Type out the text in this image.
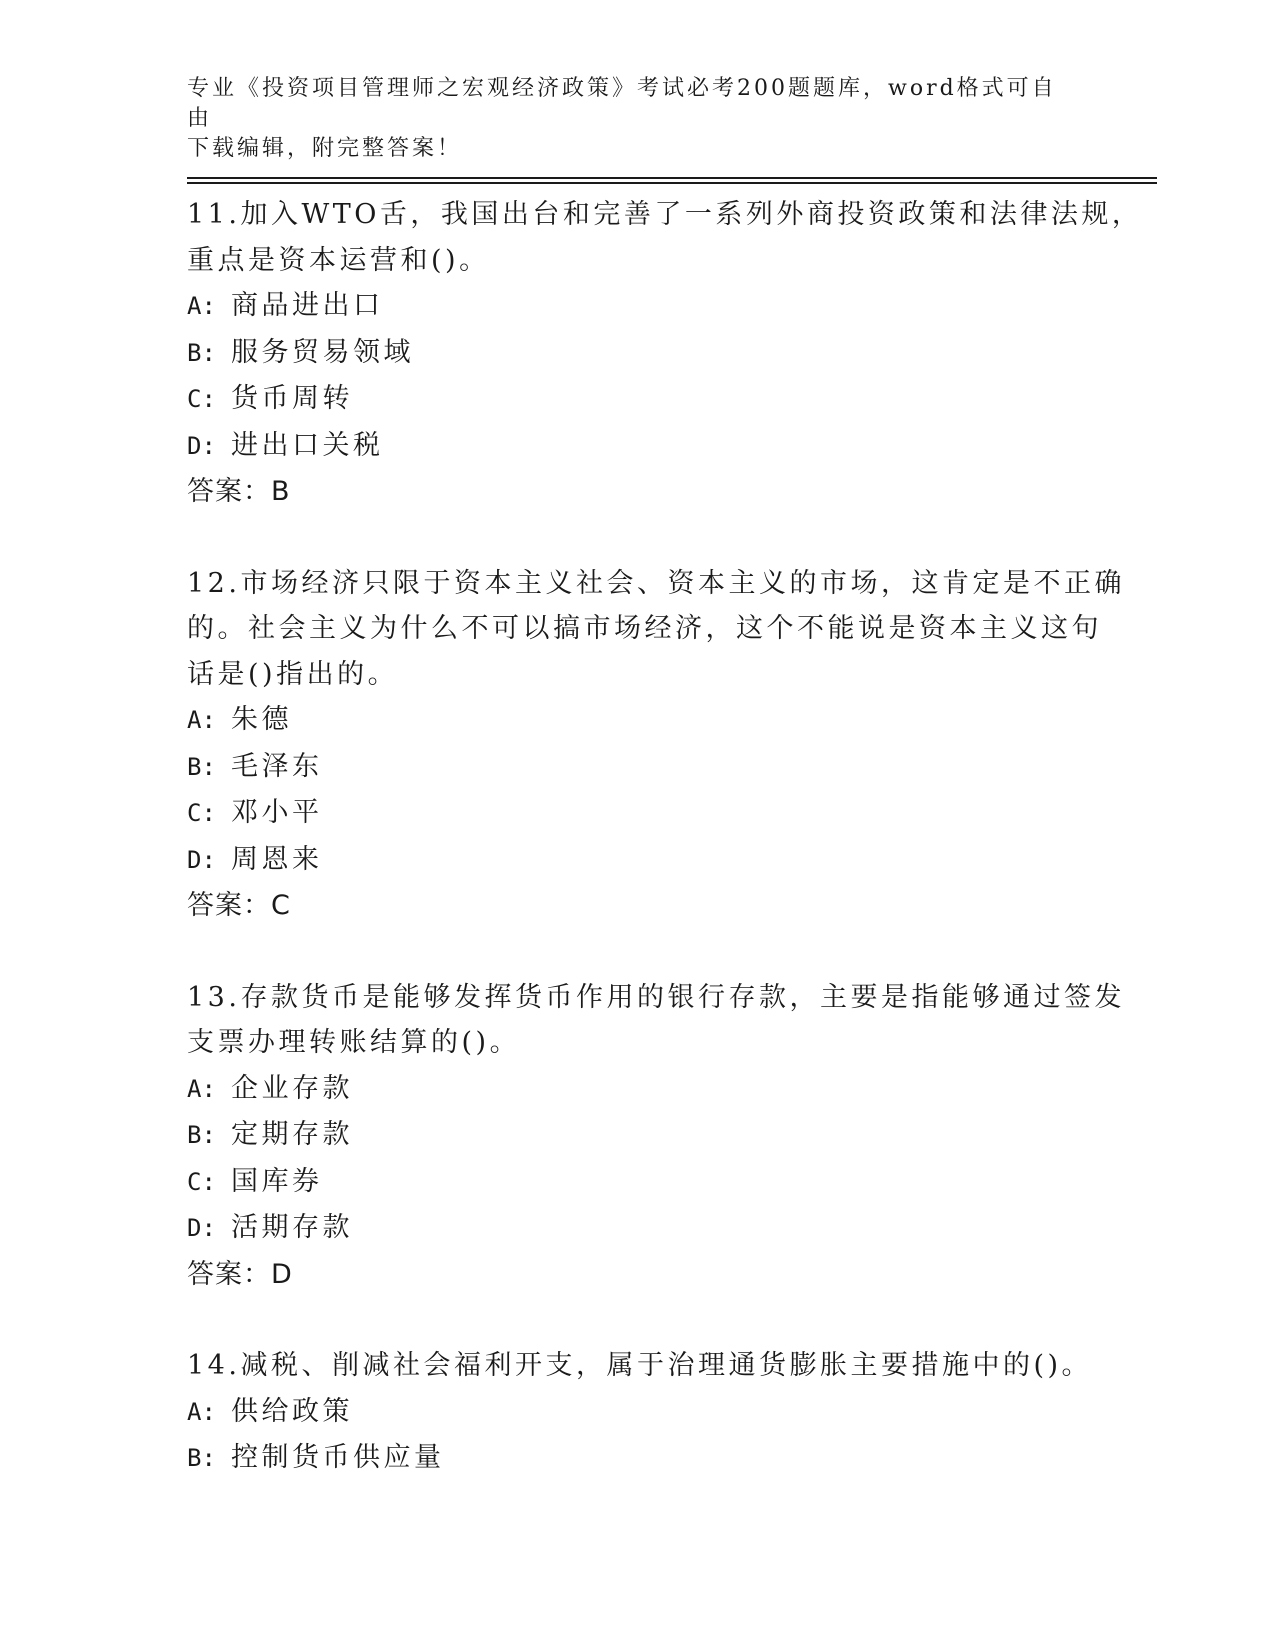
专业《投资项目管理师之宏观经济政策》考试必考200题题库，word格式可自由
下载编辑，附完整答案！
11.加入WTO舌，我国出台和完善了一系列外商投资政策和法律法规，
重点是资本运营和()。
A: 商品进出口
B: 服务贸易领域
C: 货币周转
D: 进出口关税
答案：B
12.市场经济只限于资本主义社会、资本主义的市场，这肯定是不正确
的。社会主义为什么不可以搞市场经济，这个不能说是资本主义这句
话是()指出的。
A: 朱德
B: 毛泽东
C: 邓小平
D: 周恩来
答案：C
13.存款货币是能够发挥货币作用的银行存款，主要是指能够通过签发
支票办理转账结算的()。
A: 企业存款
B: 定期存款
C: 国库券
D: 活期存款
答案：D
14.减税、削减社会福利开支，属于治理通货膨胀主要措施中的()。
A: 供给政策
B: 控制货币供应量
